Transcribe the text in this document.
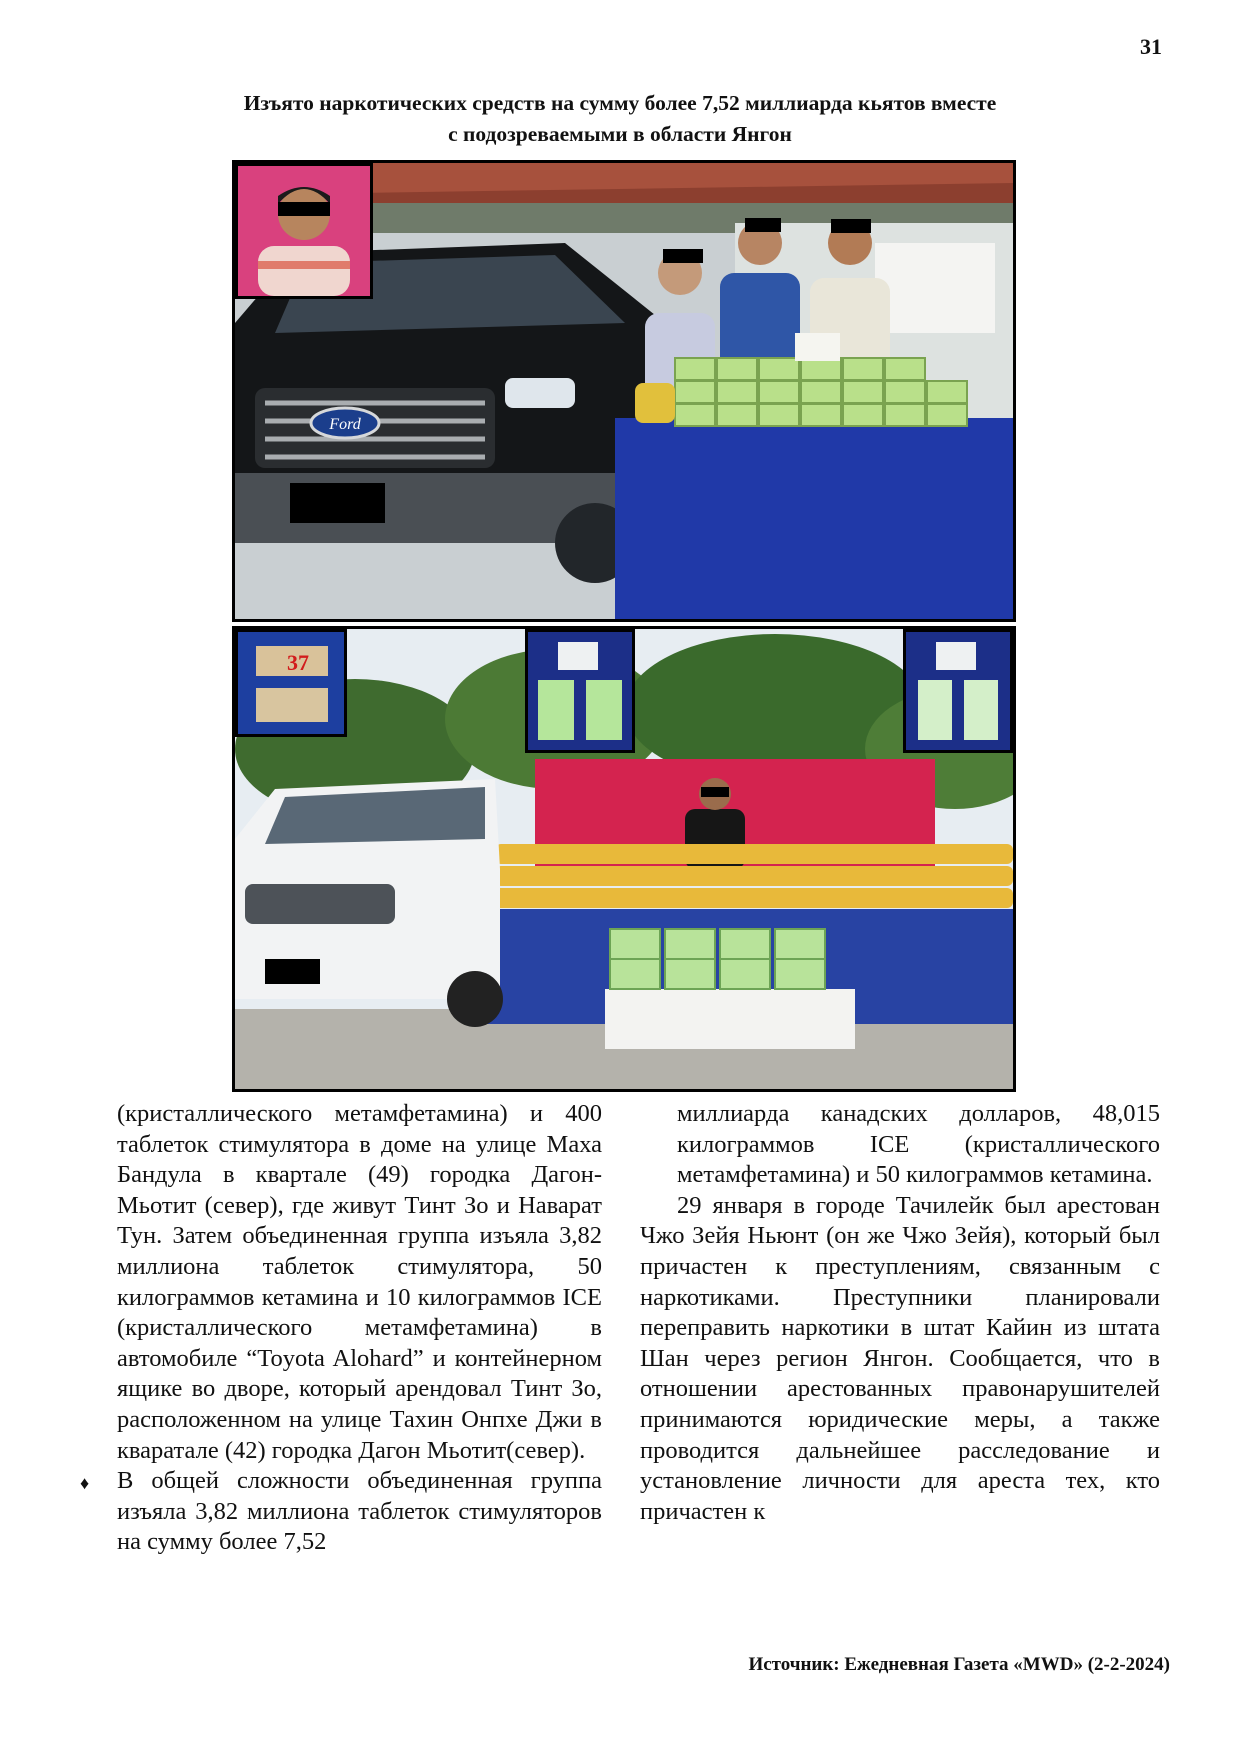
31
Изъято наркотических средств на сумму более 7,52 миллиарда кьятов вместе
с подозреваемыми в области Янгон
Ford
37

(кристаллического метамфетамина) и 400 таблеток стимулятора в доме на улице Маха Бандула в квартале (49) городка Дагон-Мьотит (север), где живут Тинт Зо и Наварат Тун. Затем объединенная группа изъяла 3,82 миллиона таблеток стимулятора, 50 килограммов кетамина и 10 килограммов ICE (кристаллического метамфетамина) в автомобиле “Toyota Alohard” и контейнерном ящике во дворе, который арендовал Тинт Зо, расположенном на улице Тахин Онпхе Джи в кваратале (42) городка Дагон Мьотит(север).

♦ В общей сложности объединенная группа изъяла 3,82 миллиона таблеток стимуляторов на сумму более 7,52

миллиарда канадских долларов, 48,015 килограммов ICE (кристаллического метамфетамина) и 50 килограммов кетамина.

29 января в городе Тачилейк был арестован Чжо Зейя Ньюнт (он же Чжо Зейя), который был причастен к преступлениям, связанным с наркотиками. Преступники планировали переправить наркотики в штат Кайин из штата Шан через регион Янгон. Сообщается, что в отношении арестованных правонарушителей принимаются юридические меры, а также проводится дальнейшее расследование и установление личности для ареста тех, кто причастен к

Источник: Ежедневная Газета «MWD» (2-2-2024)
